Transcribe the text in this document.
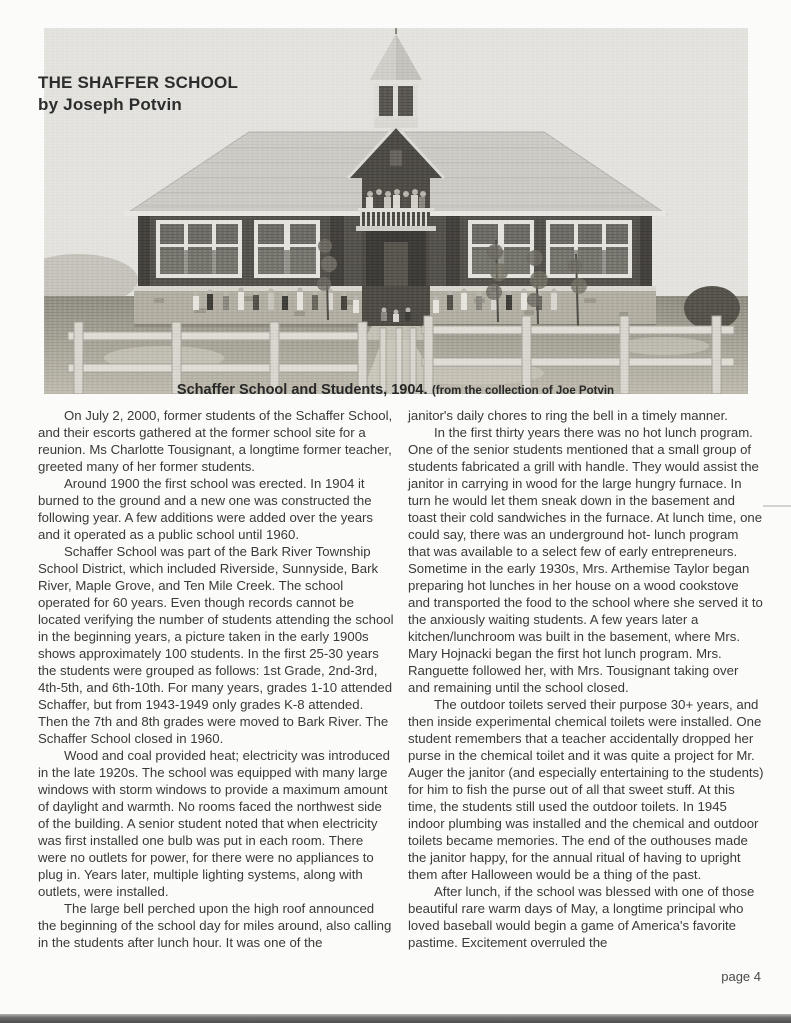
THE SHAFFER SCHOOL
by Joseph Potvin
Schaffer School and Students, 1904. (from the collection of Joe Potvin

On July 2, 2000, former students of the Schaffer School, and their escorts gathered at the former school site for a reunion. Ms Charlotte Tousignant, a longtime former teacher, greeted many of her former students.

Around 1900 the first school was erected. In 1904 it burned to the ground and a new one was constructed the following year. A few additions were added over the years and it operated as a public school until 1960.

Schaffer School was part of the Bark River Township School District, which included Riverside, Sunnyside, Bark River, Maple Grove, and Ten Mile Creek. The school operated for 60 years. Even though records cannot be located verifying the number of students attending the school in the beginning years, a picture taken in the early 1900s shows approximately 100 students. In the first 25-30 years the students were grouped as follows: 1st Grade, 2nd-3rd, 4th-5th, and 6th-10th. For many years, grades 1-10 attended Schaffer, but from 1943-1949 only grades K-8 attended. Then the 7th and 8th grades were moved to Bark River. The Schaffer School closed in 1960.

Wood and coal provided heat; electricity was introduced in the late 1920s. The school was equipped with many large windows with storm windows to provide a maximum amount of daylight and warmth. No rooms faced the northwest side of the building. A senior student noted that when electricity was first installed one bulb was put in each room. There were no outlets for power, for there were no appliances to plug in. Years later, multiple lighting systems, along with outlets, were installed.

The large bell perched upon the high roof announced the beginning of the school day for miles around, also calling in the students after lunch hour. It was one of the

janitor's daily chores to ring the bell in a timely manner.

In the first thirty years there was no hot lunch program. One of the senior students mentioned that a small group of students fabricated a grill with handle. They would assist the janitor in carrying in wood for the large hungry furnace. In turn he would let them sneak down in the basement and toast their cold sandwiches in the furnace. At lunch time, one could say, there was an underground hot- lunch program that was available to a select few of early entrepreneurs. Sometime in the early 1930s, Mrs. Arthemise Taylor began preparing hot lunches in her house on a wood cookstove and transported the food to the school where she served it to the anxiously waiting students. A few years later a kitchen/lunchroom was built in the basement, where Mrs. Mary Hojnacki began the first hot lunch program. Mrs. Ranguette followed her, with Mrs. Tousignant taking over and remaining until the school closed.

The outdoor toilets served their purpose 30+ years, and then inside experimental chemical toilets were installed. One student remembers that a teacher accidentally dropped her purse in the chemical toilet and it was quite a project for Mr. Auger the janitor (and especially entertaining to the students) for him to fish the purse out of all that sweet stuff. At this time, the students still used the outdoor toilets. In 1945 indoor plumbing was installed and the chemical and outdoor toilets became memories. The end of the outhouses made the janitor happy, for the annual ritual of having to upright them after Halloween would be a thing of the past.

After lunch, if the school was blessed with one of those beautiful rare warm days of May, a longtime principal who loved baseball would begin a game of America's favorite pastime. Excitement overruled the

page 4
